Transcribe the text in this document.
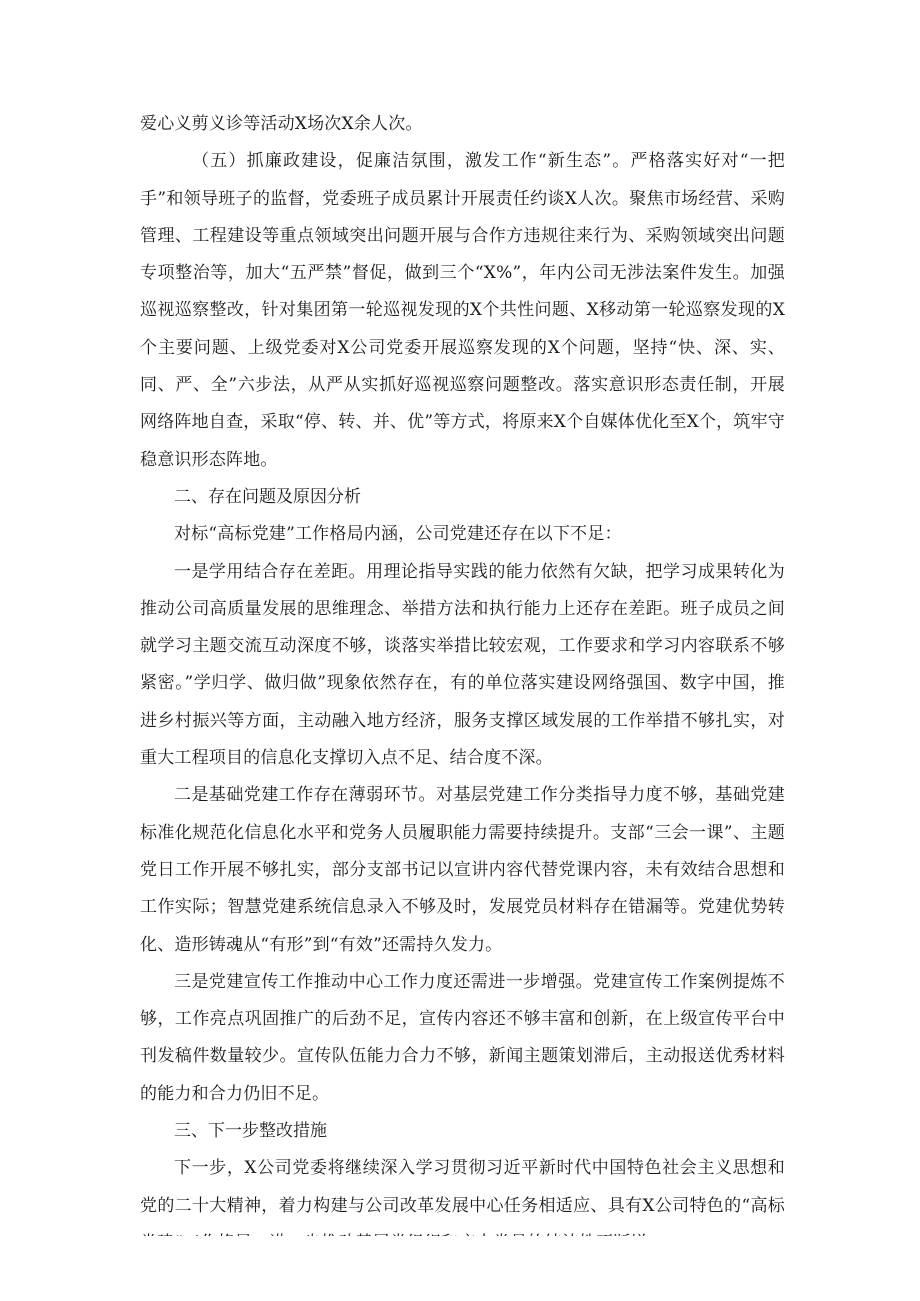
爱心义剪义诊等活动X场次X余人次。

（五）抓廉政建设，促廉洁氛围，激发工作“新生态”。严格落实好对“一把手”和领导班子的监督，党委班子成员累计开展责任约谈X人次。聚焦市场经营、采购管理、工程建设等重点领域突出问题开展与合作方违规往来行为、采购领域突出问题专项整治等，加大“五严禁”督促，做到三个“X%”，年内公司无涉法案件发生。加强巡视巡察整改，针对集团第一轮巡视发现的X个共性问题、X移动第一轮巡察发现的X个主要问题、上级党委对X公司党委开展巡察发现的X个问题，坚持“快、深、实、同、严、全”六步法，从严从实抓好巡视巡察问题整改。落实意识形态责任制，开展网络阵地自查，采取“停、转、并、优”等方式，将原来X个自媒体优化至X个，筑牢守稳意识形态阵地。

二、存在问题及原因分析

对标“高标党建”工作格局内涵，公司党建还存在以下不足：

一是学用结合存在差距。用理论指导实践的能力依然有欠缺，把学习成果转化为推动公司高质量发展的思维理念、举措方法和执行能力上还存在差距。班子成员之间就学习主题交流互动深度不够，谈落实举措比较宏观，工作要求和学习内容联系不够紧密。”学归学、做归做”现象依然存在，有的单位落实建设网络强国、数字中国，推进乡村振兴等方面，主动融入地方经济，服务支撑区域发展的工作举措不够扎实，对重大工程项目的信息化支撑切入点不足、结合度不深。

二是基础党建工作存在薄弱环节。对基层党建工作分类指导力度不够，基础党建标准化规范化信息化水平和党务人员履职能力需要持续提升。支部“三会一课”、主题党日工作开展不够扎实，部分支部书记以宣讲内容代替党课内容，未有效结合思想和工作实际；智慧党建系统信息录入不够及时，发展党员材料存在错漏等。党建优势转化、造形铸魂从“有形”到“有效”还需持久发力。

三是党建宣传工作推动中心工作力度还需进一步增强。党建宣传工作案例提炼不够，工作亮点巩固推广的后劲不足，宣传内容还不够丰富和创新，在上级宣传平台中刊发稿件数量较少。宣传队伍能力合力不够，新闻主题策划滞后，主动报送优秀材料的能力和合力仍旧不足。

三、下一步整改措施

下一步，X公司党委将继续深入学习贯彻习近平新时代中国特色社会主义思想和党的二十大精神，着力构建与公司改革发展中心任务相适应、具有X公司特色的“高标
